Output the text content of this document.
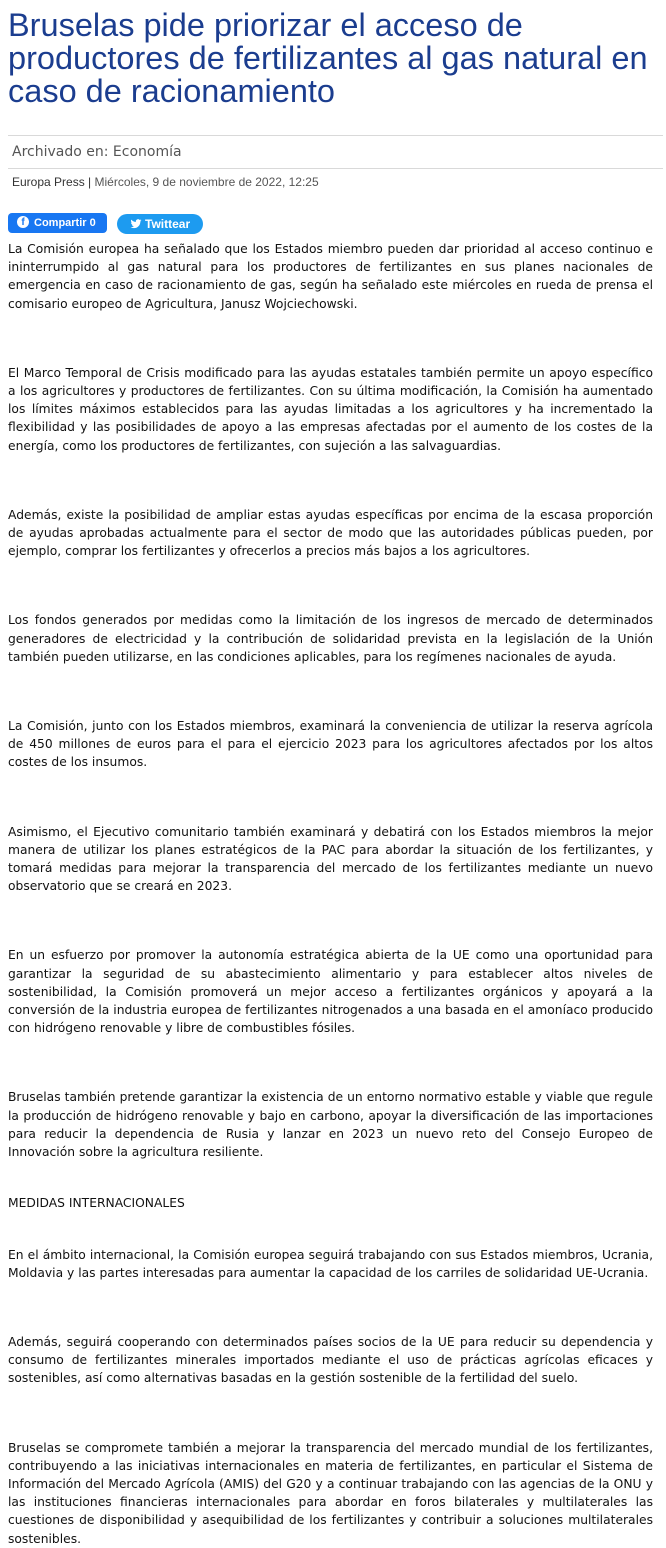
Bruselas pide priorizar el acceso de productores de fertilizantes al gas natural en caso de racionamiento
Archivado en: Economía
Europa Press | Miércoles, 9 de noviembre de 2022, 12:25
f Compartir 0	Twittear

La Comisión europea ha señalado que los Estados miembro pueden dar prioridad al acceso continuo e ininterrumpido al gas natural para los productores de fertilizantes en sus planes nacionales de emergencia en caso de racionamiento de gas, según ha señalado este miércoles en rueda de prensa el comisario europeo de Agricultura, Janusz Wojciechowski.

El Marco Temporal de Crisis modificado para las ayudas estatales también permite un apoyo específico a los agricultores y productores de fertilizantes. Con su última modificación, la Comisión ha aumentado los límites máximos establecidos para las ayudas limitadas a los agricultores y ha incrementado la flexibilidad y las posibilidades de apoyo a las empresas afectadas por el aumento de los costes de la energía, como los productores de fertilizantes, con sujeción a las salvaguardias.

Además, existe la posibilidad de ampliar estas ayudas específicas por encima de la escasa proporción de ayudas aprobadas actualmente para el sector de modo que las autoridades públicas pueden, por ejemplo, comprar los fertilizantes y ofrecerlos a precios más bajos a los agricultores.

Los fondos generados por medidas como la limitación de los ingresos de mercado de determinados generadores de electricidad y la contribución de solidaridad prevista en la legislación de la Unión también pueden utilizarse, en las condiciones aplicables, para los regímenes nacionales de ayuda.

La Comisión, junto con los Estados miembros, examinará la conveniencia de utilizar la reserva agrícola de 450 millones de euros para el para el ejercicio 2023 para los agricultores afectados por los altos costes de los insumos.

Asimismo, el Ejecutivo comunitario también examinará y debatirá con los Estados miembros la mejor manera de utilizar los planes estratégicos de la PAC para abordar la situación de los fertilizantes, y tomará medidas para mejorar la transparencia del mercado de los fertilizantes mediante un nuevo observatorio que se creará en 2023.

En un esfuerzo por promover la autonomía estratégica abierta de la UE como una oportunidad para garantizar la seguridad de su abastecimiento alimentario y para establecer altos niveles de sostenibilidad, la Comisión promoverá un mejor acceso a fertilizantes orgánicos y apoyará a la conversión de la industria europea de fertilizantes nitrogenados a una basada en el amoníaco producido con hidrógeno renovable y libre de combustibles fósiles.

Bruselas también pretende garantizar la existencia de un entorno normativo estable y viable que regule la producción de hidrógeno renovable y bajo en carbono, apoyar la diversificación de las importaciones para reducir la dependencia de Rusia y lanzar en 2023 un nuevo reto del Consejo Europeo de Innovación sobre la agricultura resiliente.

MEDIDAS INTERNACIONALES

En el ámbito internacional, la Comisión europea seguirá trabajando con sus Estados miembros, Ucrania, Moldavia y las partes interesadas para aumentar la capacidad de los carriles de solidaridad UE-Ucrania.

Además, seguirá cooperando con determinados países socios de la UE para reducir su dependencia y consumo de fertilizantes minerales importados mediante el uso de prácticas agrícolas eficaces y sostenibles, así como alternativas basadas en la gestión sostenible de la fertilidad del suelo.

Bruselas se compromete también a mejorar la transparencia del mercado mundial de los fertilizantes, contribuyendo a las iniciativas internacionales en materia de fertilizantes, en particular el Sistema de Información del Mercado Agrícola (AMIS) del G20 y a continuar trabajando con las agencias de la ONU y las instituciones financieras internacionales para abordar en foros bilaterales y multilaterales las cuestiones de disponibilidad y asequibilidad de los fertilizantes y contribuir a soluciones multilaterales sostenibles.
